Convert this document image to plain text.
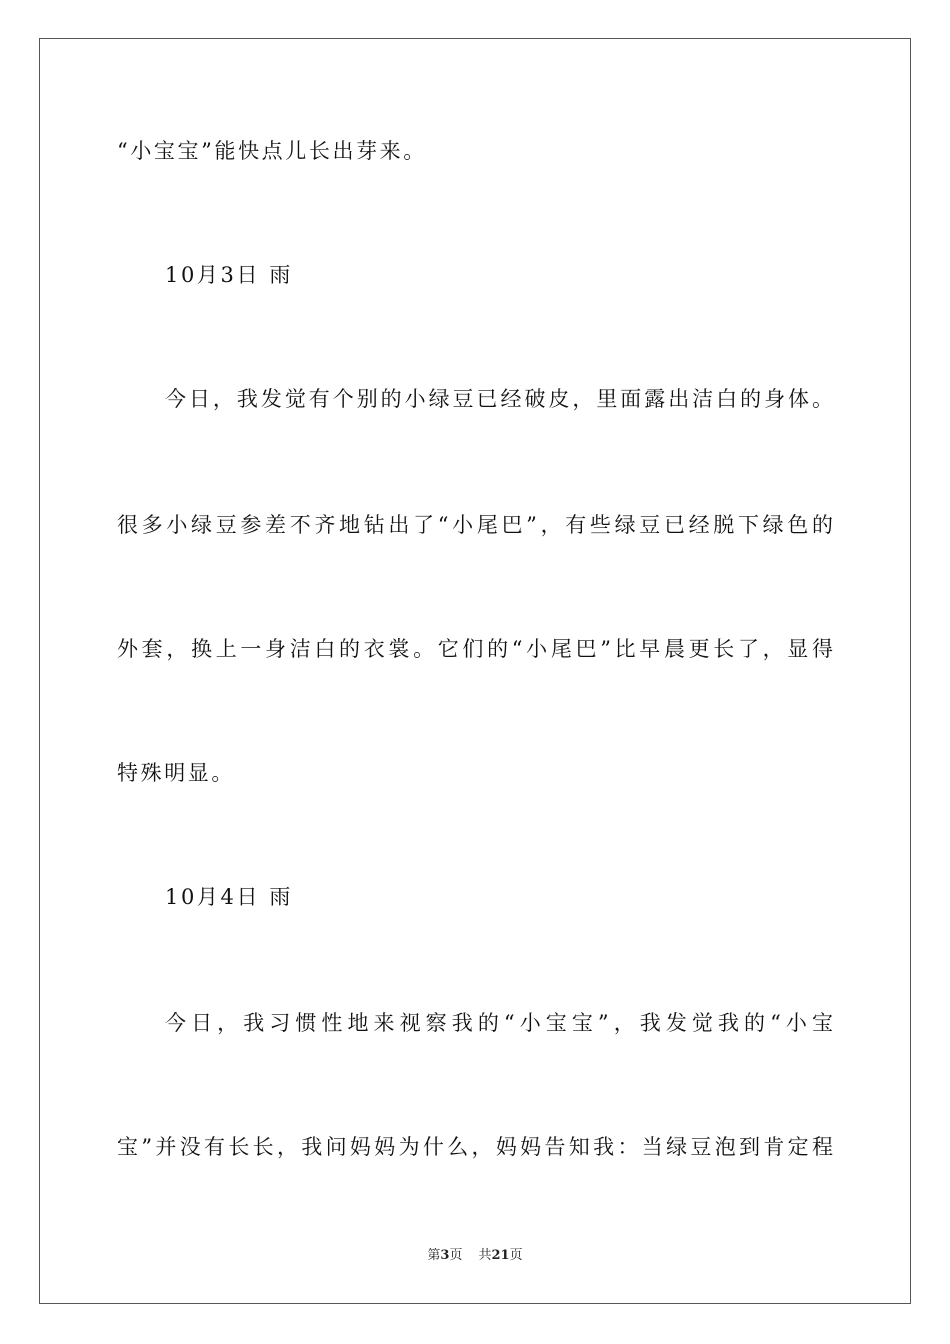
“小宝宝”能快点儿长出芽来。
10月3日 雨
今日，我发觉有个别的小绿豆已经破皮，里面露出洁白的身体。
很多小绿豆参差不齐地钻出了“小尾巴”，有些绿豆已经脱下绿色的
外套，换上一身洁白的衣裳。它们的“小尾巴”比早晨更长了，显得
特殊明显。
10月4日 雨
今日，我习惯性地来视察我的“小宝宝”，我发觉我的“小宝
宝”并没有长长，我问妈妈为什么，妈妈告知我：当绿豆泡到肯定程
第3页 共21页
